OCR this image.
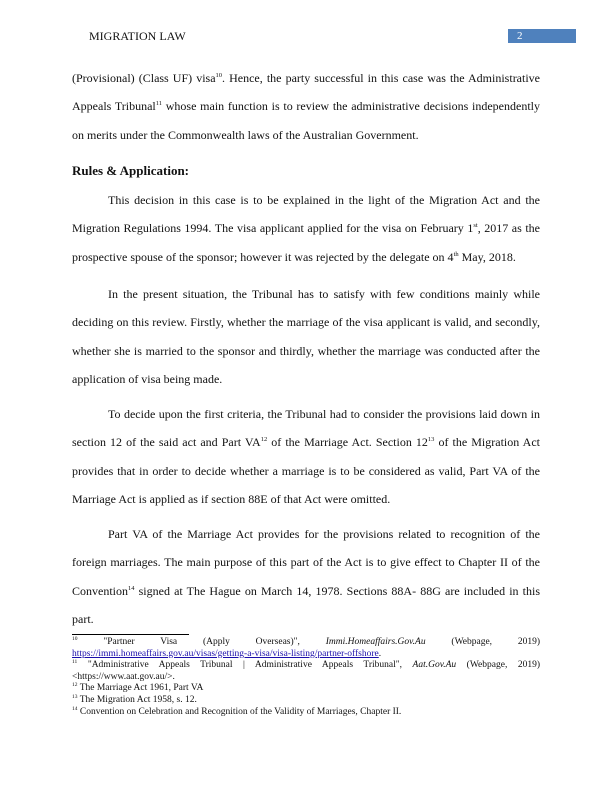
MIGRATION LAW	2
(Provisional) (Class UF) visa$^{10}$. Hence, the party successful in this case was the Administrative Appeals Tribunal$^{11}$ whose main function is to review the administrative decisions independently on merits under the Commonwealth laws of the Australian Government.
Rules & Application:
This decision in this case is to be explained in the light of the Migration Act and the Migration Regulations 1994. The visa applicant applied for the visa on February 1st, 2017 as the prospective spouse of the sponsor; however it was rejected by the delegate on 4th May, 2018.
In the present situation, the Tribunal has to satisfy with few conditions mainly while deciding on this review. Firstly, whether the marriage of the visa applicant is valid, and secondly, whether she is married to the sponsor and thirdly, whether the marriage was conducted after the application of visa being made.
To decide upon the first criteria, the Tribunal had to consider the provisions laid down in section 12 of the said act and Part VA$^{12}$ of the Marriage Act. Section $12^{13}$ of the Migration Act provides that in order to decide whether a marriage is to be considered as valid, Part VA of the Marriage Act is applied as if section 88E of that Act were omitted.
Part VA of the Marriage Act provides for the provisions related to recognition of the foreign marriages. The main purpose of this part of the Act is to give effect to Chapter II of the Convention$^{14}$ signed at The Hague on March 14, 1978. Sections 88A- 88G are included in this part.
$^{10}$	"Partner Visa (Apply Overseas)",	Immi.Homeaffairs.Gov.Au	(Webpage, 2019)
https://immi.homeaffairs.gov.au/visas/getting-a-visa/visa-listing/partner-offshore.
$^{11}$ "Administrative Appeals Tribunal | Administrative Appeals Tribunal", Aat.Gov.Au (Webpage, 2019) <https://www.aat.gov.au/>.
$^{12}$ The Marriage Act 1961, Part VA
$^{13}$ The Migration Act 1958, s. 12.
$^{14}$ Convention on Celebration and Recognition of the Validity of Marriages, Chapter II.
